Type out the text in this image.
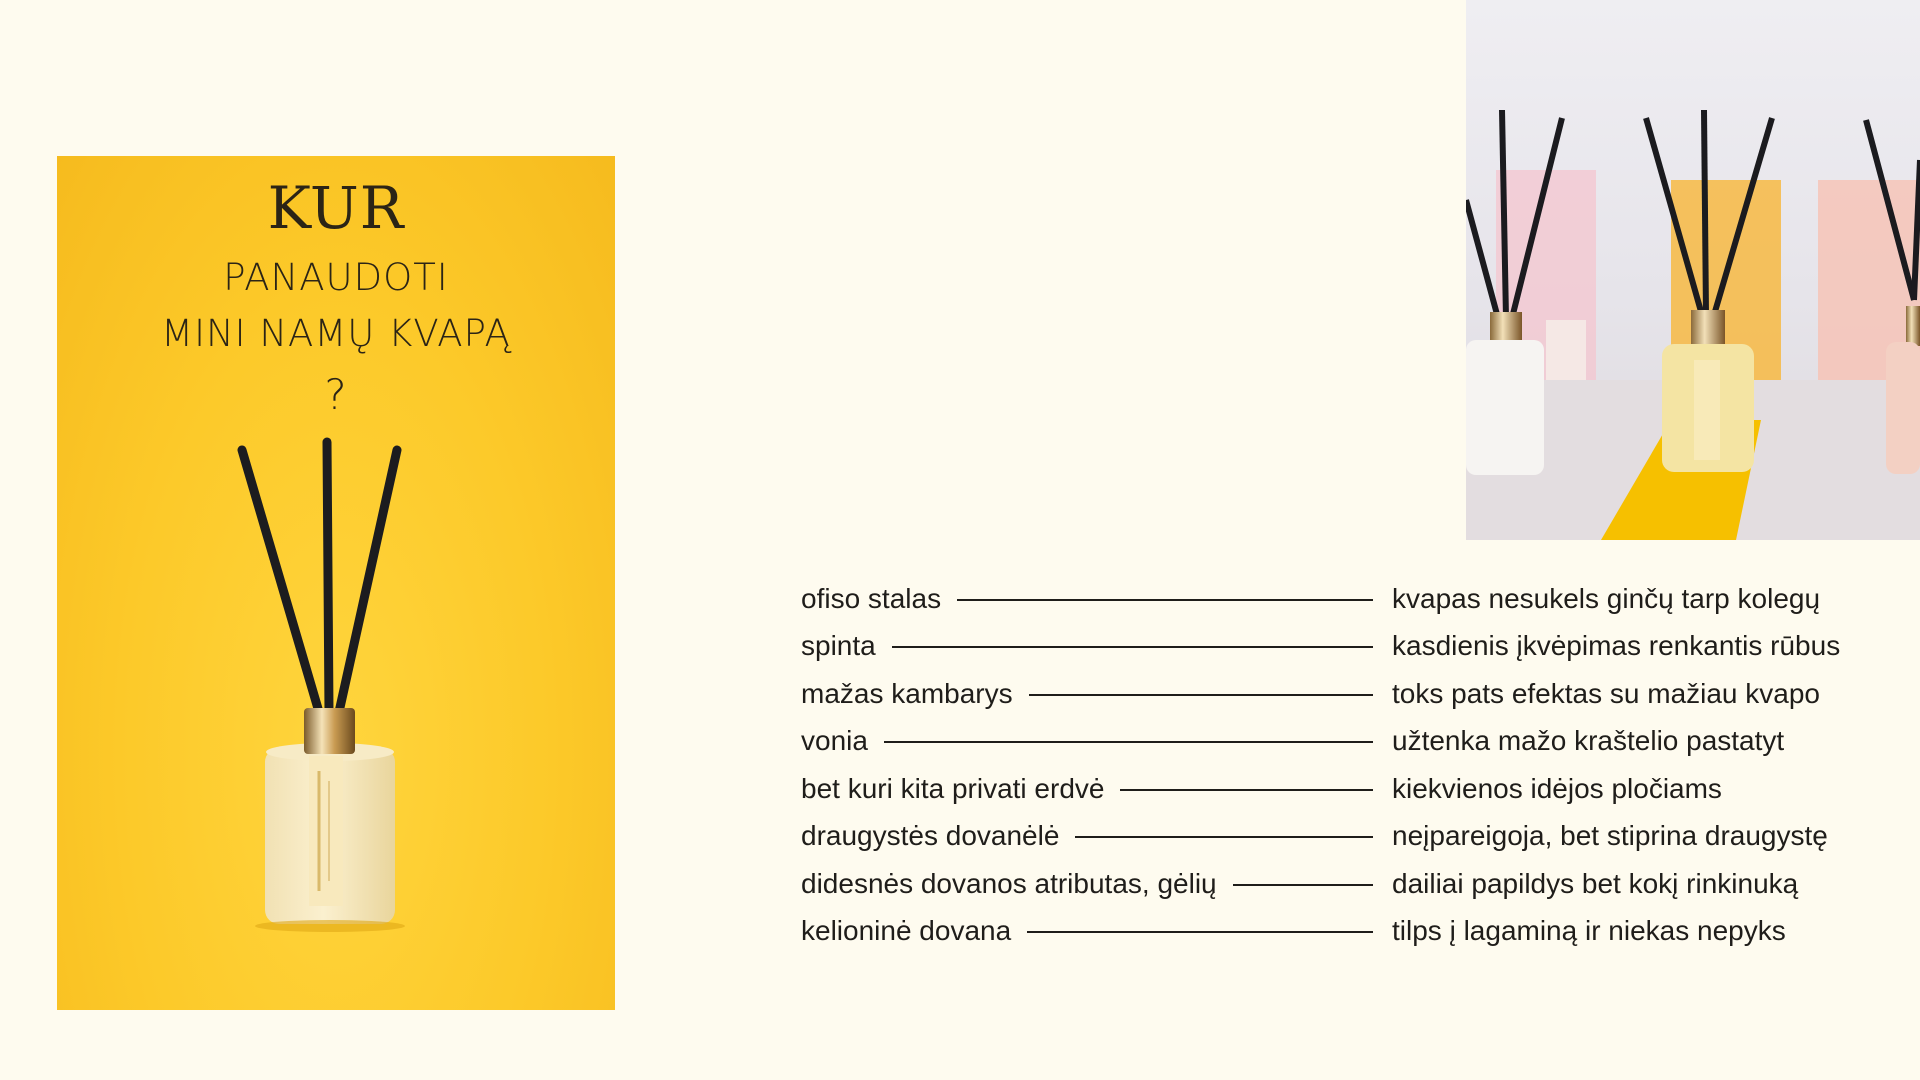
KUR
PANAUDOTI
MINI NAMŲ KVAPĄ
?
ofiso stalas
spinta
mažas kambarys
vonia
bet kuri kita privati erdvė
draugystės dovanėlė
didesnės dovanos atributas, gėlių
kelioninė dovana
kvapas nesukels ginčų tarp kolegų
kasdienis įkvėpimas renkantis rūbus
toks pats efektas su mažiau kvapo
užtenka mažo kraštelio pastatyt
kiekvienos idėjos pločiams
neįpareigoja, bet stiprina draugystę
dailiai papildys bet kokį rinkinuką
tilps į lagaminą ir niekas nepyks
